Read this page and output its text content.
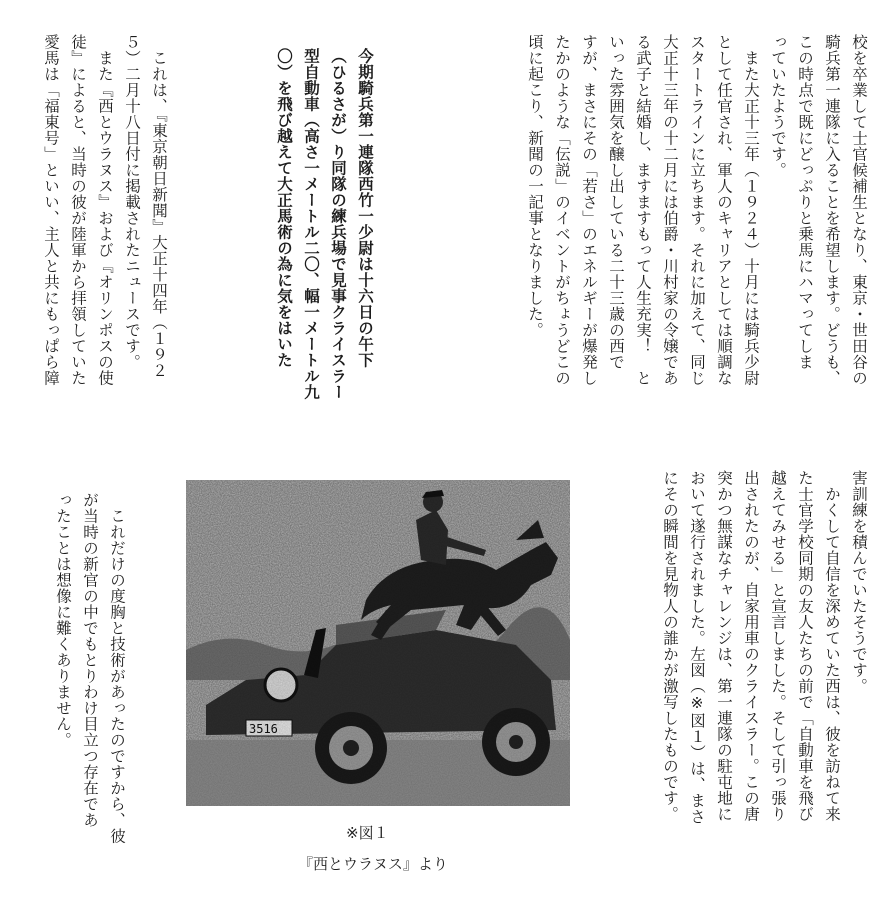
校を卒業して士官候補生となり、東京・世田谷の
騎兵第一連隊に入ることを希望します。どうも、
この時点で既にどっぷりと乗馬にハマってしま
っていたようです。
　また大正十三年（１９２４）十月には騎兵少尉
として任官され、軍人のキャリアとしては順調な
スタートラインに立ちます。それに加えて、同じ
大正十三年の十二月には伯爵・川村家の令嬢であ
る武子と結婚し、ますますもって人生充実！　と
いった雰囲気を醸し出している二十三歳の西で
すが、まさにその「若さ」のエネルギーが爆発し
たかのような「伝説」のイベントがちょうどこの
頃に起こり、新聞の一記事となりました。
今期騎兵第一連隊西竹一少尉は十六日の午下
（ひるさが）り同隊の練兵場で見事クライスラー
型自動車（高さ一メートル二〇、幅一メートル九
〇）を飛び越えて大正馬術の為に気をはいた
　これは、『東京朝日新聞』大正十四年（１９２
５）二月十八日付に掲載されたニュースです。
　また『西とウラヌス』および『オリンポスの使
徒』によると、当時の彼が陸軍から拝領していた
愛馬は「福東号」といい、主人と共にもっぱら障
害訓練を積んでいたそうです。
　かくして自信を深めていた西は、彼を訪ねて来
た士官学校同期の友人たちの前で「自動車を飛び
越えてみせる」と宣言しました。そして引っ張り
出されたのが、自家用車のクライスラー。この唐
突かつ無謀なチャレンジは、第一連隊の駐屯地に
おいて遂行されました。左図（※図１）は、まさ
にその瞬間を見物人の誰かが激写したものです。
※図１
『西とウラヌス』より
　これだけの度胸と技術があったのですから、彼
が当時の新官の中でもとりわけ目立つ存在であ
ったことは想像に難くありません。
